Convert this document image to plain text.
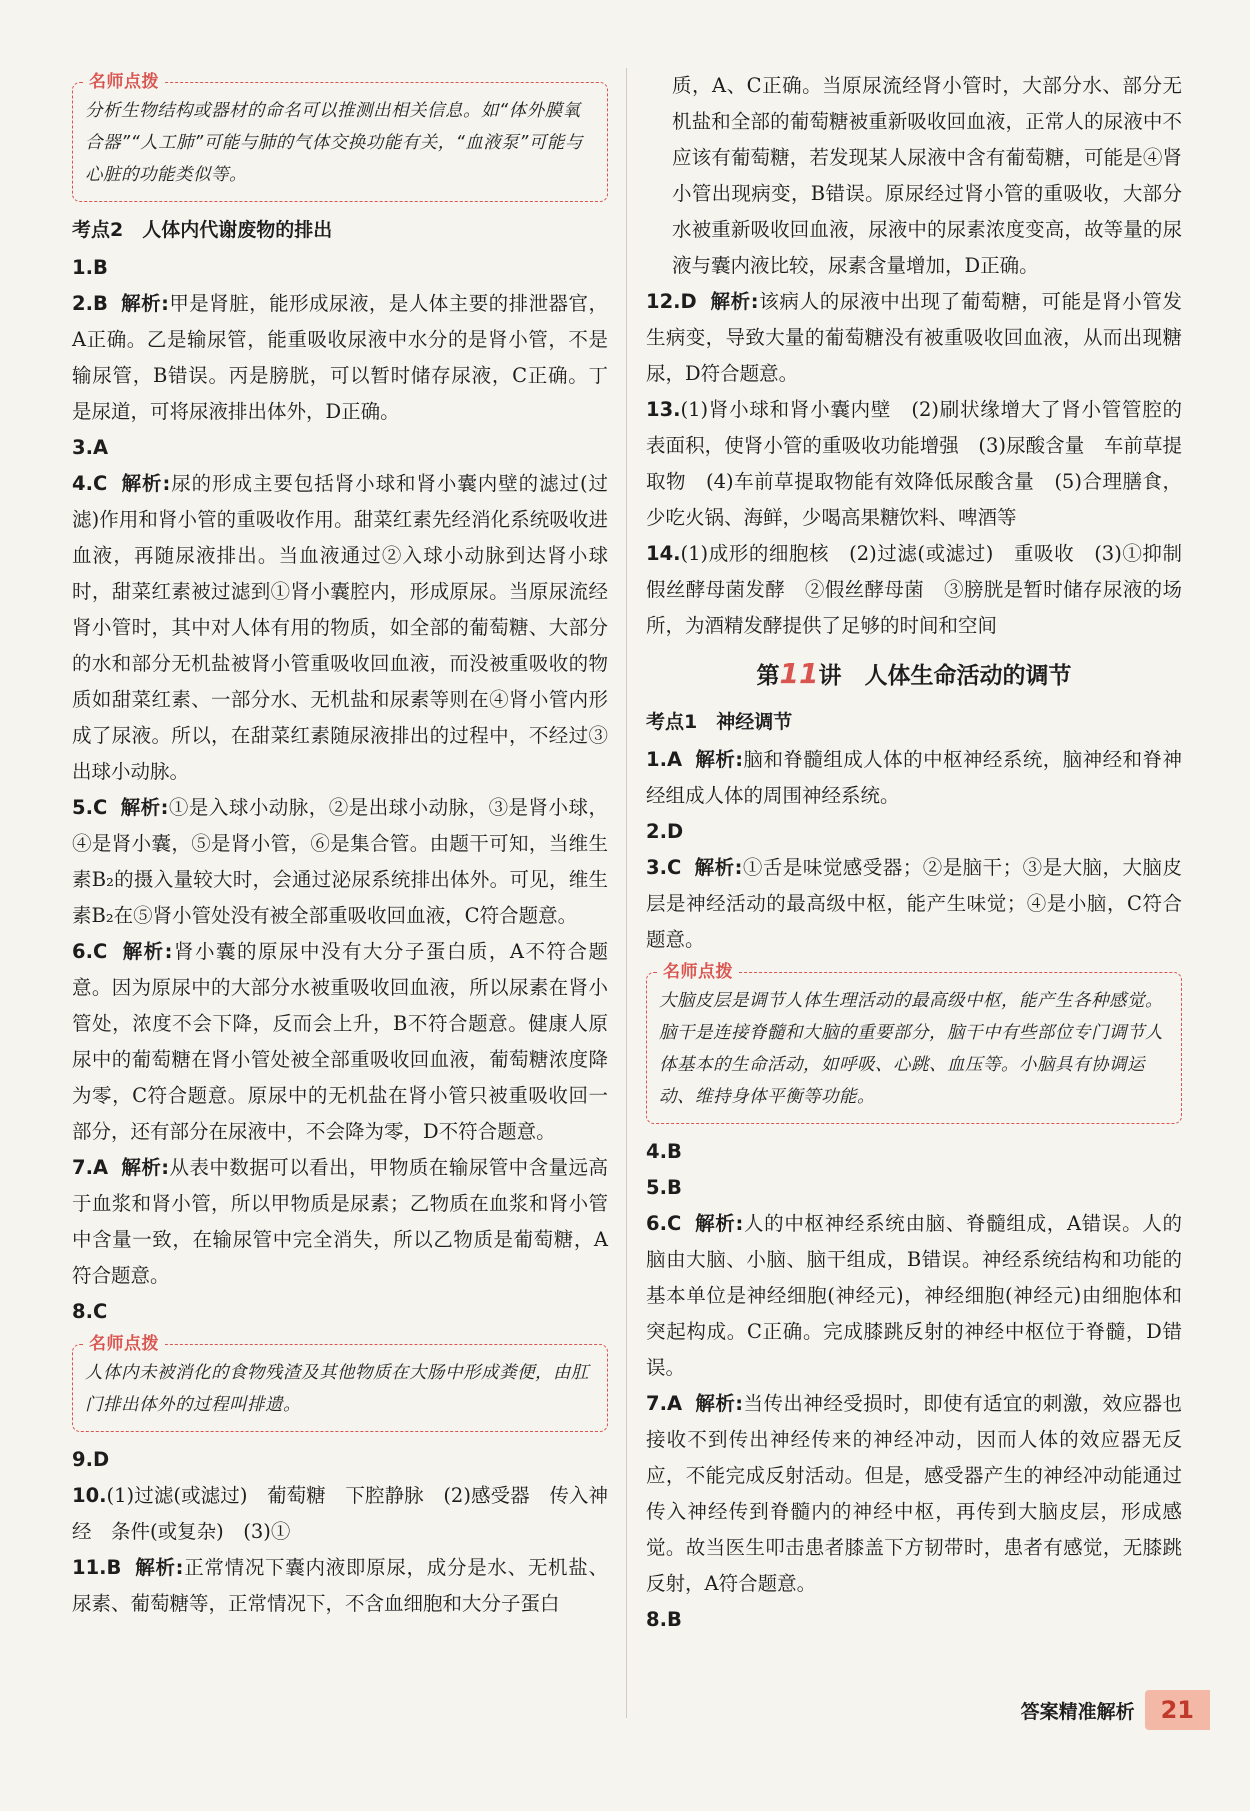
名师点拨

分析生物结构或器材的命名可以推测出相关信息。如“体外膜氧合器”“人工肺”可能与肺的气体交换功能有关，“血液泵”可能与心脏的功能类似等。

考点2　人体内代谢废物的排出

1.B

2.B 解析:甲是肾脏，能形成尿液，是人体主要的排泄器官，A正确。乙是输尿管，能重吸收尿液中水分的是肾小管，不是输尿管，B错误。丙是膀胱，可以暂时储存尿液，C正确。丁是尿道，可将尿液排出体外，D正确。

3.A

4.C 解析:尿的形成主要包括肾小球和肾小囊内壁的滤过(过滤)作用和肾小管的重吸收作用。甜菜红素先经消化系统吸收进血液，再随尿液排出。当血液通过②入球小动脉到达肾小球时，甜菜红素被过滤到①肾小囊腔内，形成原尿。当原尿流经肾小管时，其中对人体有用的物质，如全部的葡萄糖、大部分的水和部分无机盐被肾小管重吸收回血液，而没被重吸收的物质如甜菜红素、一部分水、无机盐和尿素等则在④肾小管内形成了尿液。所以，在甜菜红素随尿液排出的过程中，不经过③出球小动脉。

5.C 解析:①是入球小动脉，②是出球小动脉，③是肾小球，④是肾小囊，⑤是肾小管，⑥是集合管。由题干可知，当维生素B₂的摄入量较大时，会通过泌尿系统排出体外。可见，维生素B₂在⑤肾小管处没有被全部重吸收回血液，C符合题意。

6.C 解析:肾小囊的原尿中没有大分子蛋白质，A不符合题意。因为原尿中的大部分水被重吸收回血液，所以尿素在肾小管处，浓度不会下降，反而会上升，B不符合题意。健康人原尿中的葡萄糖在肾小管处被全部重吸收回血液，葡萄糖浓度降为零，C符合题意。原尿中的无机盐在肾小管只被重吸收回一部分，还有部分在尿液中，不会降为零，D不符合题意。

7.A 解析:从表中数据可以看出，甲物质在输尿管中含量远高于血浆和肾小管，所以甲物质是尿素；乙物质在血浆和肾小管中含量一致，在输尿管中完全消失，所以乙物质是葡萄糖，A符合题意。

8.C

名师点拨

人体内未被消化的食物残渣及其他物质在大肠中形成粪便，由肛门排出体外的过程叫排遗。

9.D

10.(1)过滤(或滤过)　葡萄糖　下腔静脉　(2)感受器　传入神经　条件(或复杂)　(3)①

11.B 解析:正常情况下囊内液即原尿，成分是水、无机盐、尿素、葡萄糖等，正常情况下，不含血细胞和大分子蛋白

质，A、C正确。当原尿流经肾小管时，大部分水、部分无机盐和全部的葡萄糖被重新吸收回血液，正常人的尿液中不应该有葡萄糖，若发现某人尿液中含有葡萄糖，可能是④肾小管出现病变，B错误。原尿经过肾小管的重吸收，大部分水被重新吸收回血液，尿液中的尿素浓度变高，故等量的尿液与囊内液比较，尿素含量增加，D正确。

12.D 解析:该病人的尿液中出现了葡萄糖，可能是肾小管发生病变，导致大量的葡萄糖没有被重吸收回血液，从而出现糖尿，D符合题意。

13.(1)肾小球和肾小囊内壁　(2)刷状缘增大了肾小管管腔的表面积，使肾小管的重吸收功能增强　(3)尿酸含量　车前草提取物　(4)车前草提取物能有效降低尿酸含量　(5)合理膳食，少吃火锅、海鲜，少喝高果糖饮料、啤酒等

14.(1)成形的细胞核　(2)过滤(或滤过)　重吸收　(3)①抑制假丝酵母菌发酵　②假丝酵母菌　③膀胱是暂时储存尿液的场所，为酒精发酵提供了足够的时间和空间

第11讲　人体生命活动的调节
考点1　神经调节

1.A 解析:脑和脊髓组成人体的中枢神经系统，脑神经和脊神经组成人体的周围神经系统。

2.D

3.C 解析:①舌是味觉感受器；②是脑干；③是大脑，大脑皮层是神经活动的最高级中枢，能产生味觉；④是小脑，C符合题意。

名师点拨

大脑皮层是调节人体生理活动的最高级中枢，能产生各种感觉。脑干是连接脊髓和大脑的重要部分，脑干中有些部位专门调节人体基本的生命活动，如呼吸、心跳、血压等。小脑具有协调运动、维持身体平衡等功能。

4.B

5.B

6.C 解析:人的中枢神经系统由脑、脊髓组成，A错误。人的脑由大脑、小脑、脑干组成，B错误。神经系统结构和功能的基本单位是神经细胞(神经元)，神经细胞(神经元)由细胞体和突起构成。C正确。完成膝跳反射的神经中枢位于脊髓，D错误。

7.A 解析:当传出神经受损时，即使有适宜的刺激，效应器也接收不到传出神经传来的神经冲动，因而人体的效应器无反应，不能完成反射活动。但是，感受器产生的神经冲动能通过传入神经传到脊髓内的神经中枢，再传到大脑皮层，形成感觉。故当医生叩击患者膝盖下方韧带时，患者有感觉，无膝跳反射，A符合题意。

8.B

答案精准解析	21
